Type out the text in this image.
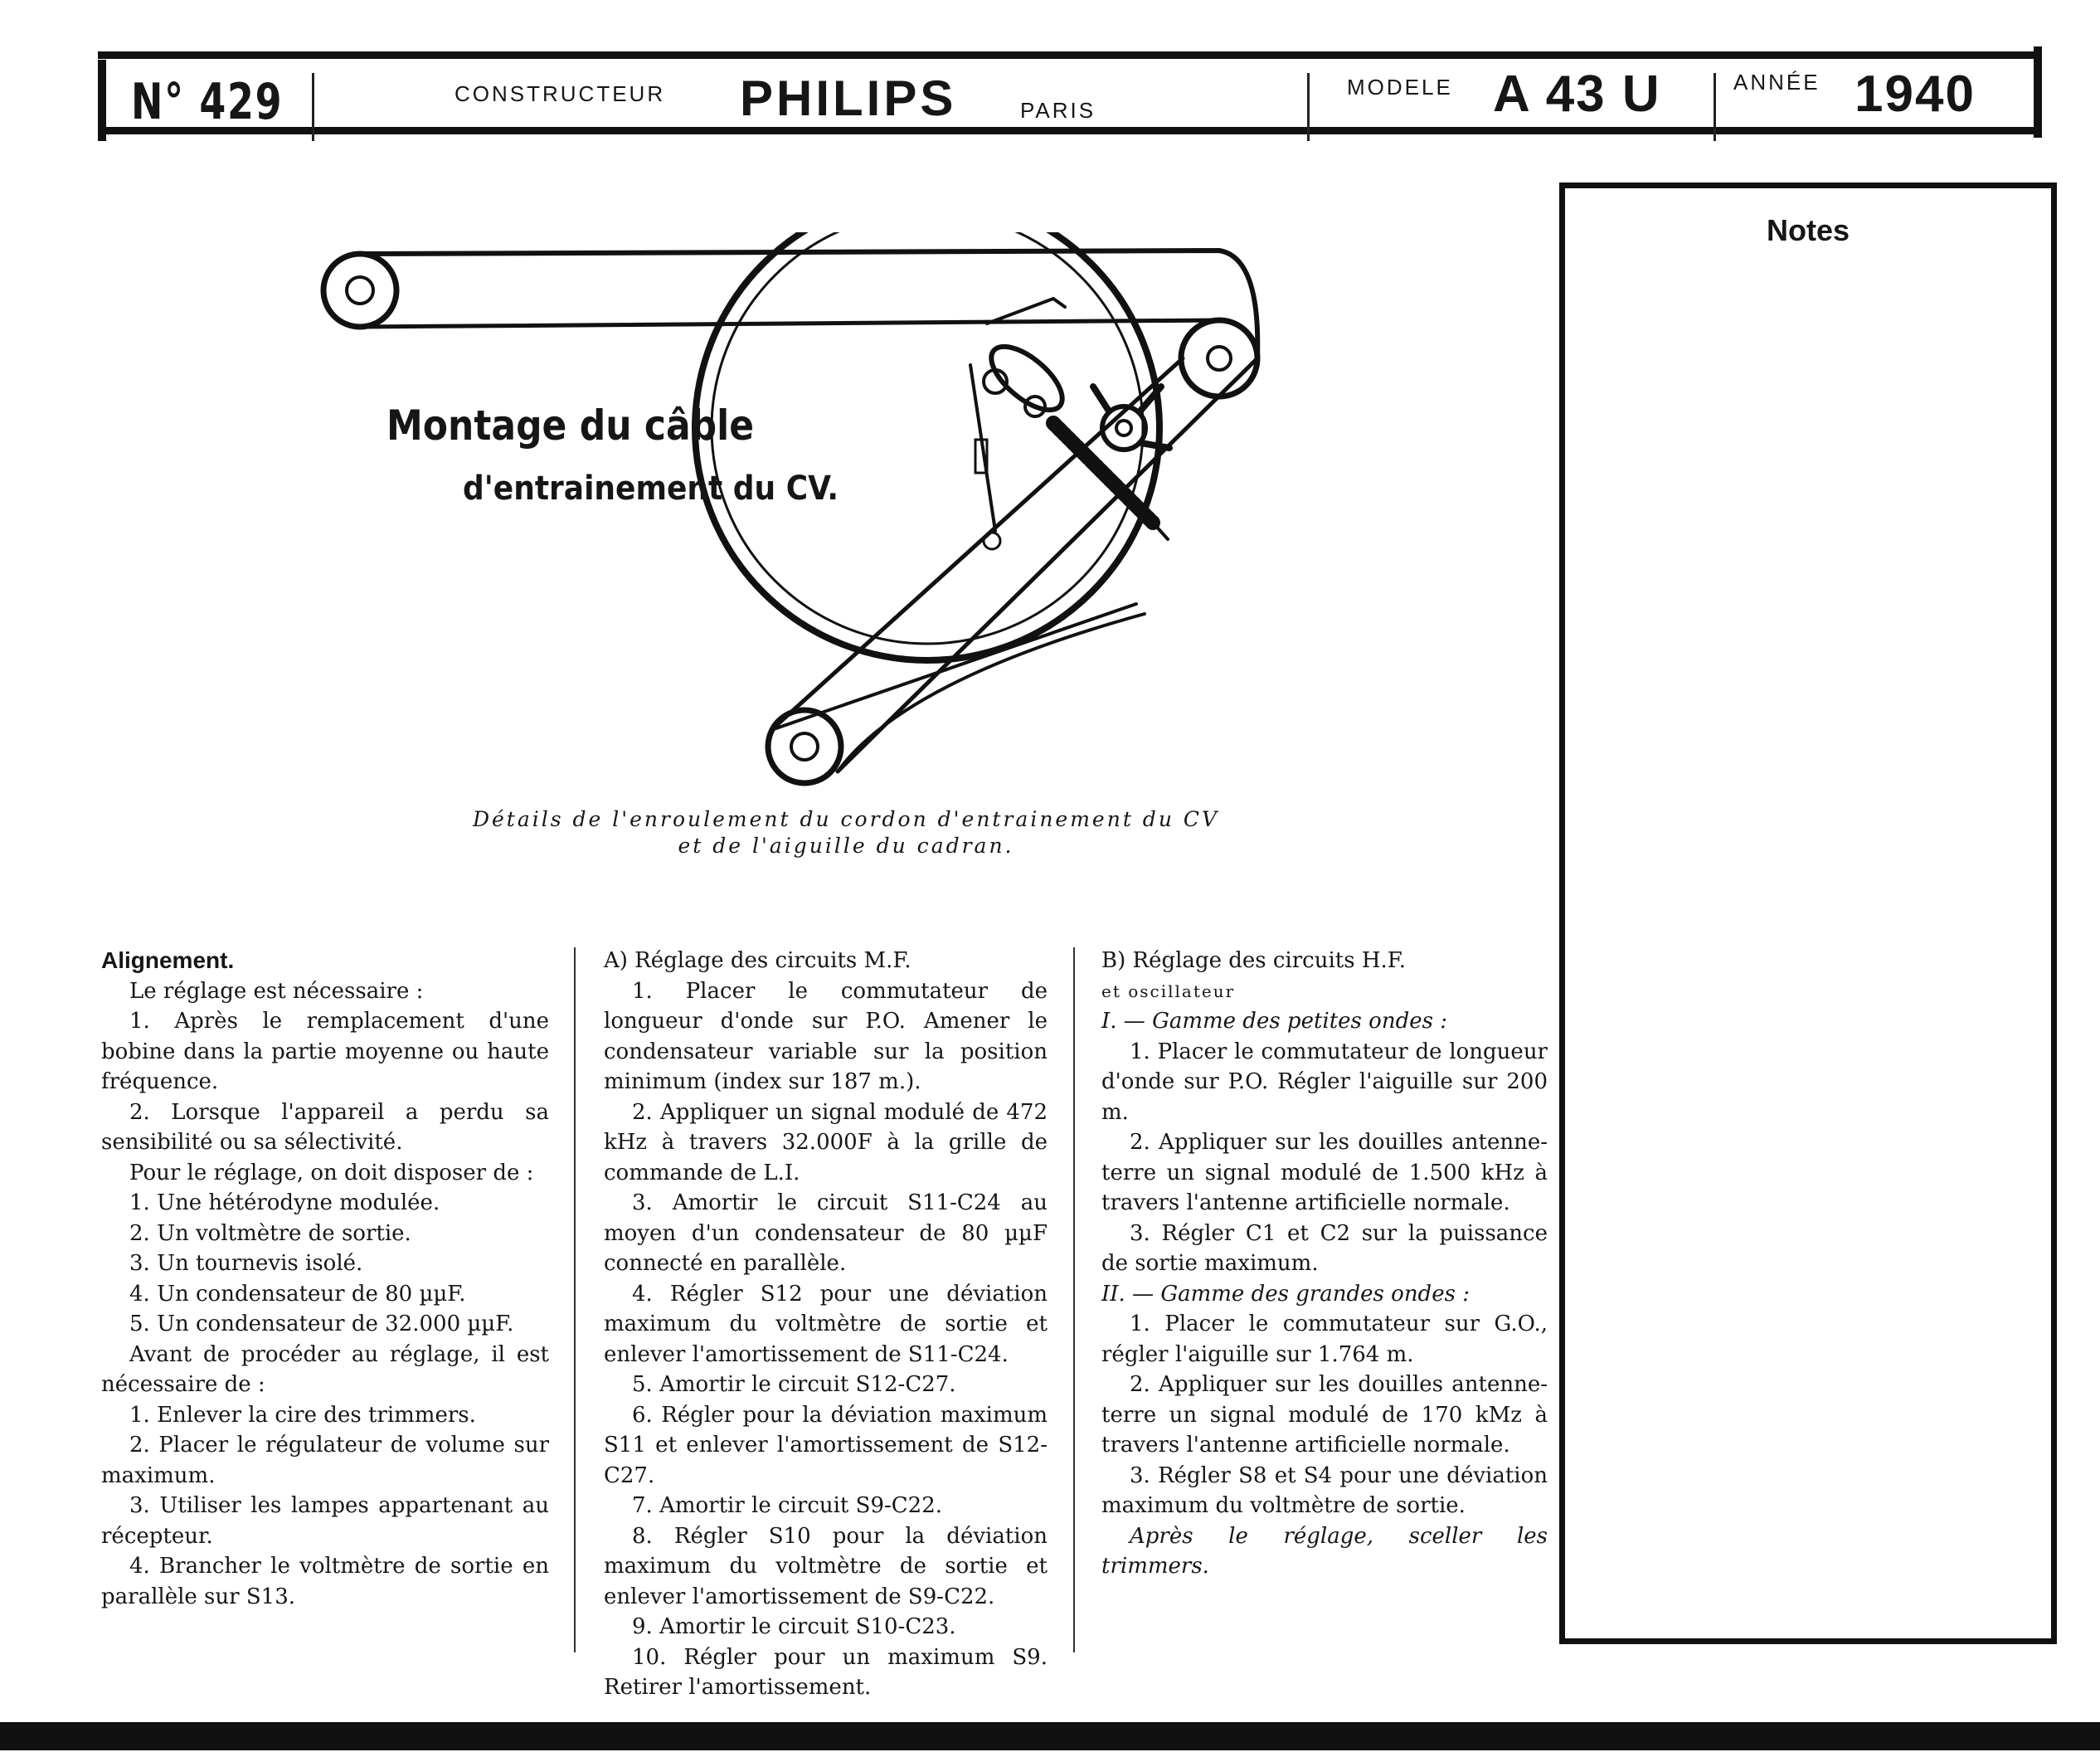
N° 429	CONSTRUCTEUR PHILIPS	PARIS
MODELE A 43 U	ANNÉE 1940
Notes
Montage du câble
d'entrainement du CV.
Détails de l'enroulement du cordon d'entrainement du CV
et de l'aiguille du cadran.

Alignement.

Le réglage est nécessaire :

1. Après le remplacement d'une bobine dans la partie moyenne ou haute fréquence.

2. Lorsque l'appareil a perdu sa sensibilité ou sa sélectivité.

Pour le réglage, on doit disposer de :

1. Une hétérodyne modulée.

2. Un voltmètre de sortie.

3. Un tournevis isolé.

4. Un condensateur de 80 µµF.

5. Un condensateur de 32.000 µµF.

Avant de procéder au réglage, il est nécessaire de :

1. Enlever la cire des trimmers.

2. Placer le régulateur de volume sur maximum.

3. Utiliser les lampes appartenant au récepteur.

4. Brancher le voltmètre de sortie en parallèle sur S13.

A) Réglage des circuits M.F.

1. Placer le commutateur de longueur d'onde sur P.O. Amener le condensateur variable sur la position minimum (index sur 187 m.).

2. Appliquer un signal modulé de 472 kHz à travers 32.000F à la grille de commande de L.I.

3. Amortir le circuit S11-C24 au moyen d'un condensateur de 80 µµF connecté en parallèle.

4. Régler S12 pour une déviation maximum du voltmètre de sortie et enlever l'amortissement de S11-C24.

5. Amortir le circuit S12-C27.

6. Régler pour la déviation maximum S11 et enlever l'amortissement de S12-C27.

7. Amortir le circuit S9-C22.

8. Régler S10 pour la déviation maximum du voltmètre de sortie et enlever l'amortissement de S9-C22.

9. Amortir le circuit S10-C23.

10. Régler pour un maximum S9. Retirer l'amortissement.

B) Réglage des circuits H.F.

et oscillateur

I. — Gamme des petites ondes :

1. Placer le commutateur de longueur d'onde sur P.O. Régler l'aiguille sur 200 m.

2. Appliquer sur les douilles antenne-terre un signal modulé de 1.500 kHz à travers l'antenne artificielle normale.

3. Régler C1 et C2 sur la puissance de sortie maximum.

II. — Gamme des grandes ondes :

1. Placer le commutateur sur G.O., régler l'aiguille sur 1.764 m.

2. Appliquer sur les douilles antenne-terre un signal modulé de 170 kMz à travers l'antenne artificielle normale.

3. Régler S8 et S4 pour une déviation maximum du voltmètre de sortie.

Après le réglage, sceller les trimmers.
